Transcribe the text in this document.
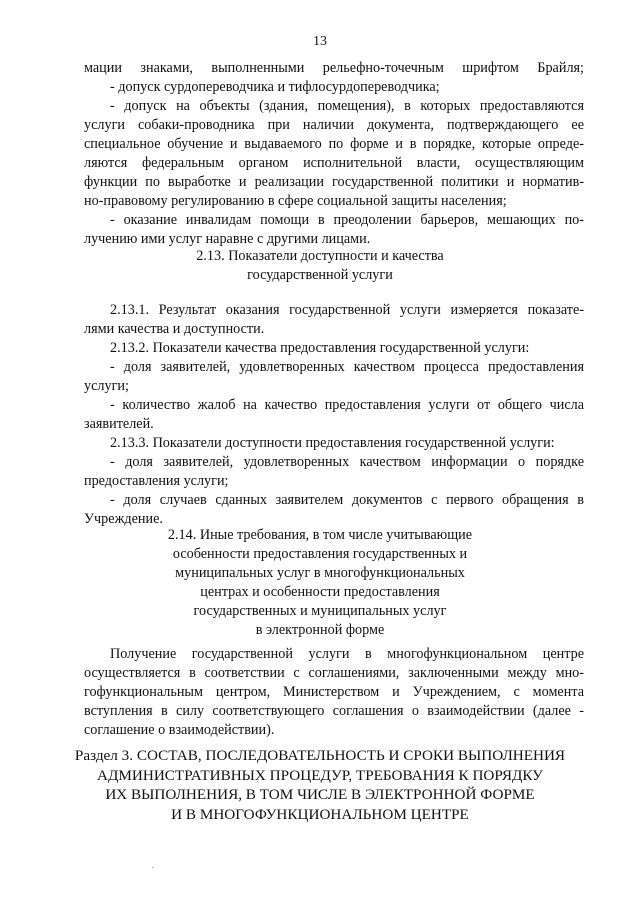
13
мации знаками, выполненными рельефно-точечным шрифтом Брайля;
- допуск сурдопереводчика и тифлосурдопереводчика;
- допуск на объекты (здания, помещения), в которых предоставляются
услуги собаки-проводника при наличии документа, подтверждающего ее
специальное обучение и выдаваемого по форме и в порядке, которые опреде-
ляются федеральным органом исполнительной власти, осуществляющим
функции по выработке и реализации государственной политики и норматив-
но-правовому регулированию в сфере социальной защиты населения;
- оказание инвалидам помощи в преодолении барьеров, мешающих по-
лучению ими услуг наравне с другими лицами.
2.13. Показатели доступности и качества
государственной услуги
2.13.1. Результат оказания государственной услуги измеряется показате-
лями качества и доступности.
2.13.2. Показатели качества предоставления государственной услуги:
- доля заявителей, удовлетворенных качеством процесса предоставления
услуги;
- количество жалоб на качество предоставления услуги от общего числа
заявителей.
2.13.3. Показатели доступности предоставления государственной услуги:
- доля заявителей, удовлетворенных качеством информации о порядке
предоставления услуги;
- доля случаев сданных заявителем документов с первого обращения в
Учреждение.
2.14. Иные требования, в том числе учитывающие
особенности предоставления государственных и
муниципальных услуг в многофункциональных
центрах и особенности предоставления
государственных и муниципальных услуг
в электронной форме
Получение государственной услуги в многофункциональном центре
осуществляется в соответствии с соглашениями, заключенными между мно-
гофункциональным центром, Министерством и Учреждением, с момента
вступления в силу соответствующего соглашения о взаимодействии (далее -
соглашение о взаимодействии).
Раздел 3. СОСТАВ, ПОСЛЕДОВАТЕЛЬНОСТЬ И СРОКИ ВЫПОЛНЕНИЯ
АДМИНИСТРАТИВНЫХ ПРОЦЕДУР, ТРЕБОВАНИЯ К ПОРЯДКУ
ИХ ВЫПОЛНЕНИЯ, В ТОМ ЧИСЛЕ В ЭЛЕКТРОННОЙ ФОРМЕ
И В МНОГОФУНКЦИОНАЛЬНОМ ЦЕНТРЕ
